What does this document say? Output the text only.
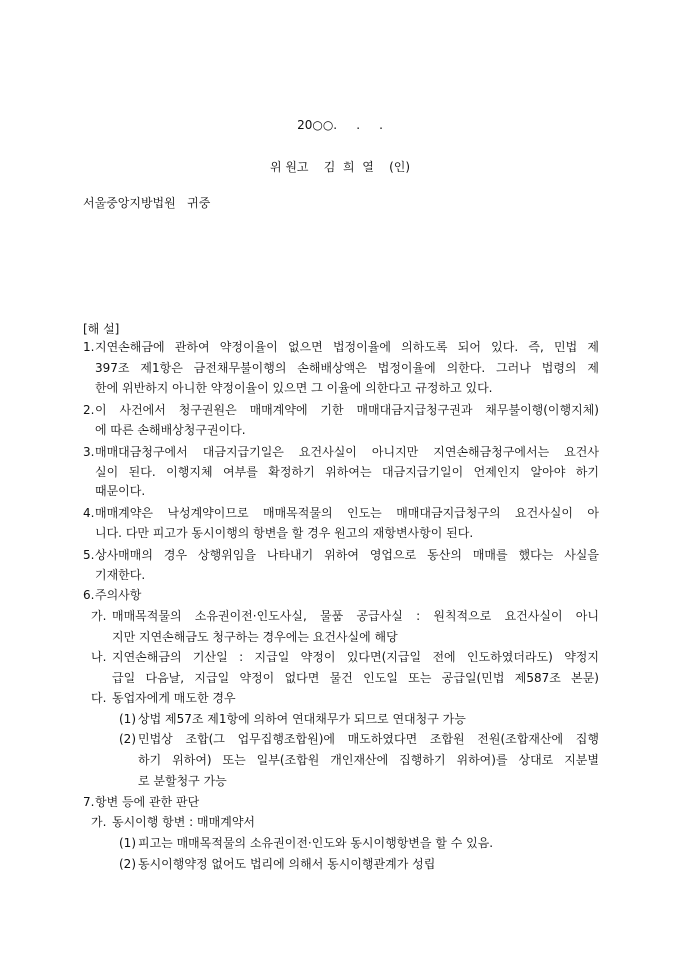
20○○.     .     .
위 원고    김  희  열    (인)
서울중앙지방법원   귀중
[해 설]
1. 지연손해금에 관하여 약정이율이 없으면 법정이율에 의하도록 되어 있다. 즉, 민법 제
397조 제1항은 금전채무불이행의 손해배상액은 법정이율에 의한다. 그러나 법령의 제
한에 위반하지 아니한 약정이율이 있으면 그 이율에 의한다고 규정하고 있다.
2. 이 사건에서 청구권원은 매매계약에 기한 매매대금지급청구권과 채무불이행(이행지체)
에 따른 손해배상청구권이다.
3. 매매대금청구에서 대금지급기일은 요건사실이 아니지만 지연손해금청구에서는 요건사
실이 된다. 이행지체 여부를 확정하기 위하여는 대금지급기일이 언제인지 알아야 하기
때문이다.
4. 매매계약은 낙성계약이므로 매매목적물의 인도는 매매대금지급청구의 요건사실이 아
니다. 다만 피고가 동시이행의 항변을 할 경우 원고의 재항변사항이 된다.
5. 상사매매의 경우 상행위임을 나타내기 위하여 영업으로 동산의 매매를 했다는 사실을
기재한다.
6. 주의사항
가. 매매목적물의 소유권이전·인도사실, 물품 공급사실 : 원칙적으로 요건사실이 아니
지만 지연손해금도 청구하는 경우에는 요건사실에 해당
나. 지연손해금의 기산일 : 지급일 약정이 있다면(지급일 전에 인도하였더라도) 약정지
급일 다음날, 지급일 약정이 없다면 물건 인도일 또는 공급일(민법 제587조 본문)
다. 동업자에게 매도한 경우
(1) 상법 제57조 제1항에 의하여 연대채무가 되므로 연대청구 가능
(2) 민법상 조합(그 업무집행조합원)에 매도하였다면 조합원 전원(조합재산에 집행
하기 위하여) 또는 일부(조합원 개인재산에 집행하기 위하여)를 상대로 지분별
로 분할청구 가능
7. 항변 등에 관한 판단
가. 동시이행 항변 : 매매계약서
(1) 피고는 매매목적물의 소유권이전·인도와 동시이행항변을 할 수 있음.
(2) 동시이행약정 없어도 법리에 의해서 동시이행관계가 성립
